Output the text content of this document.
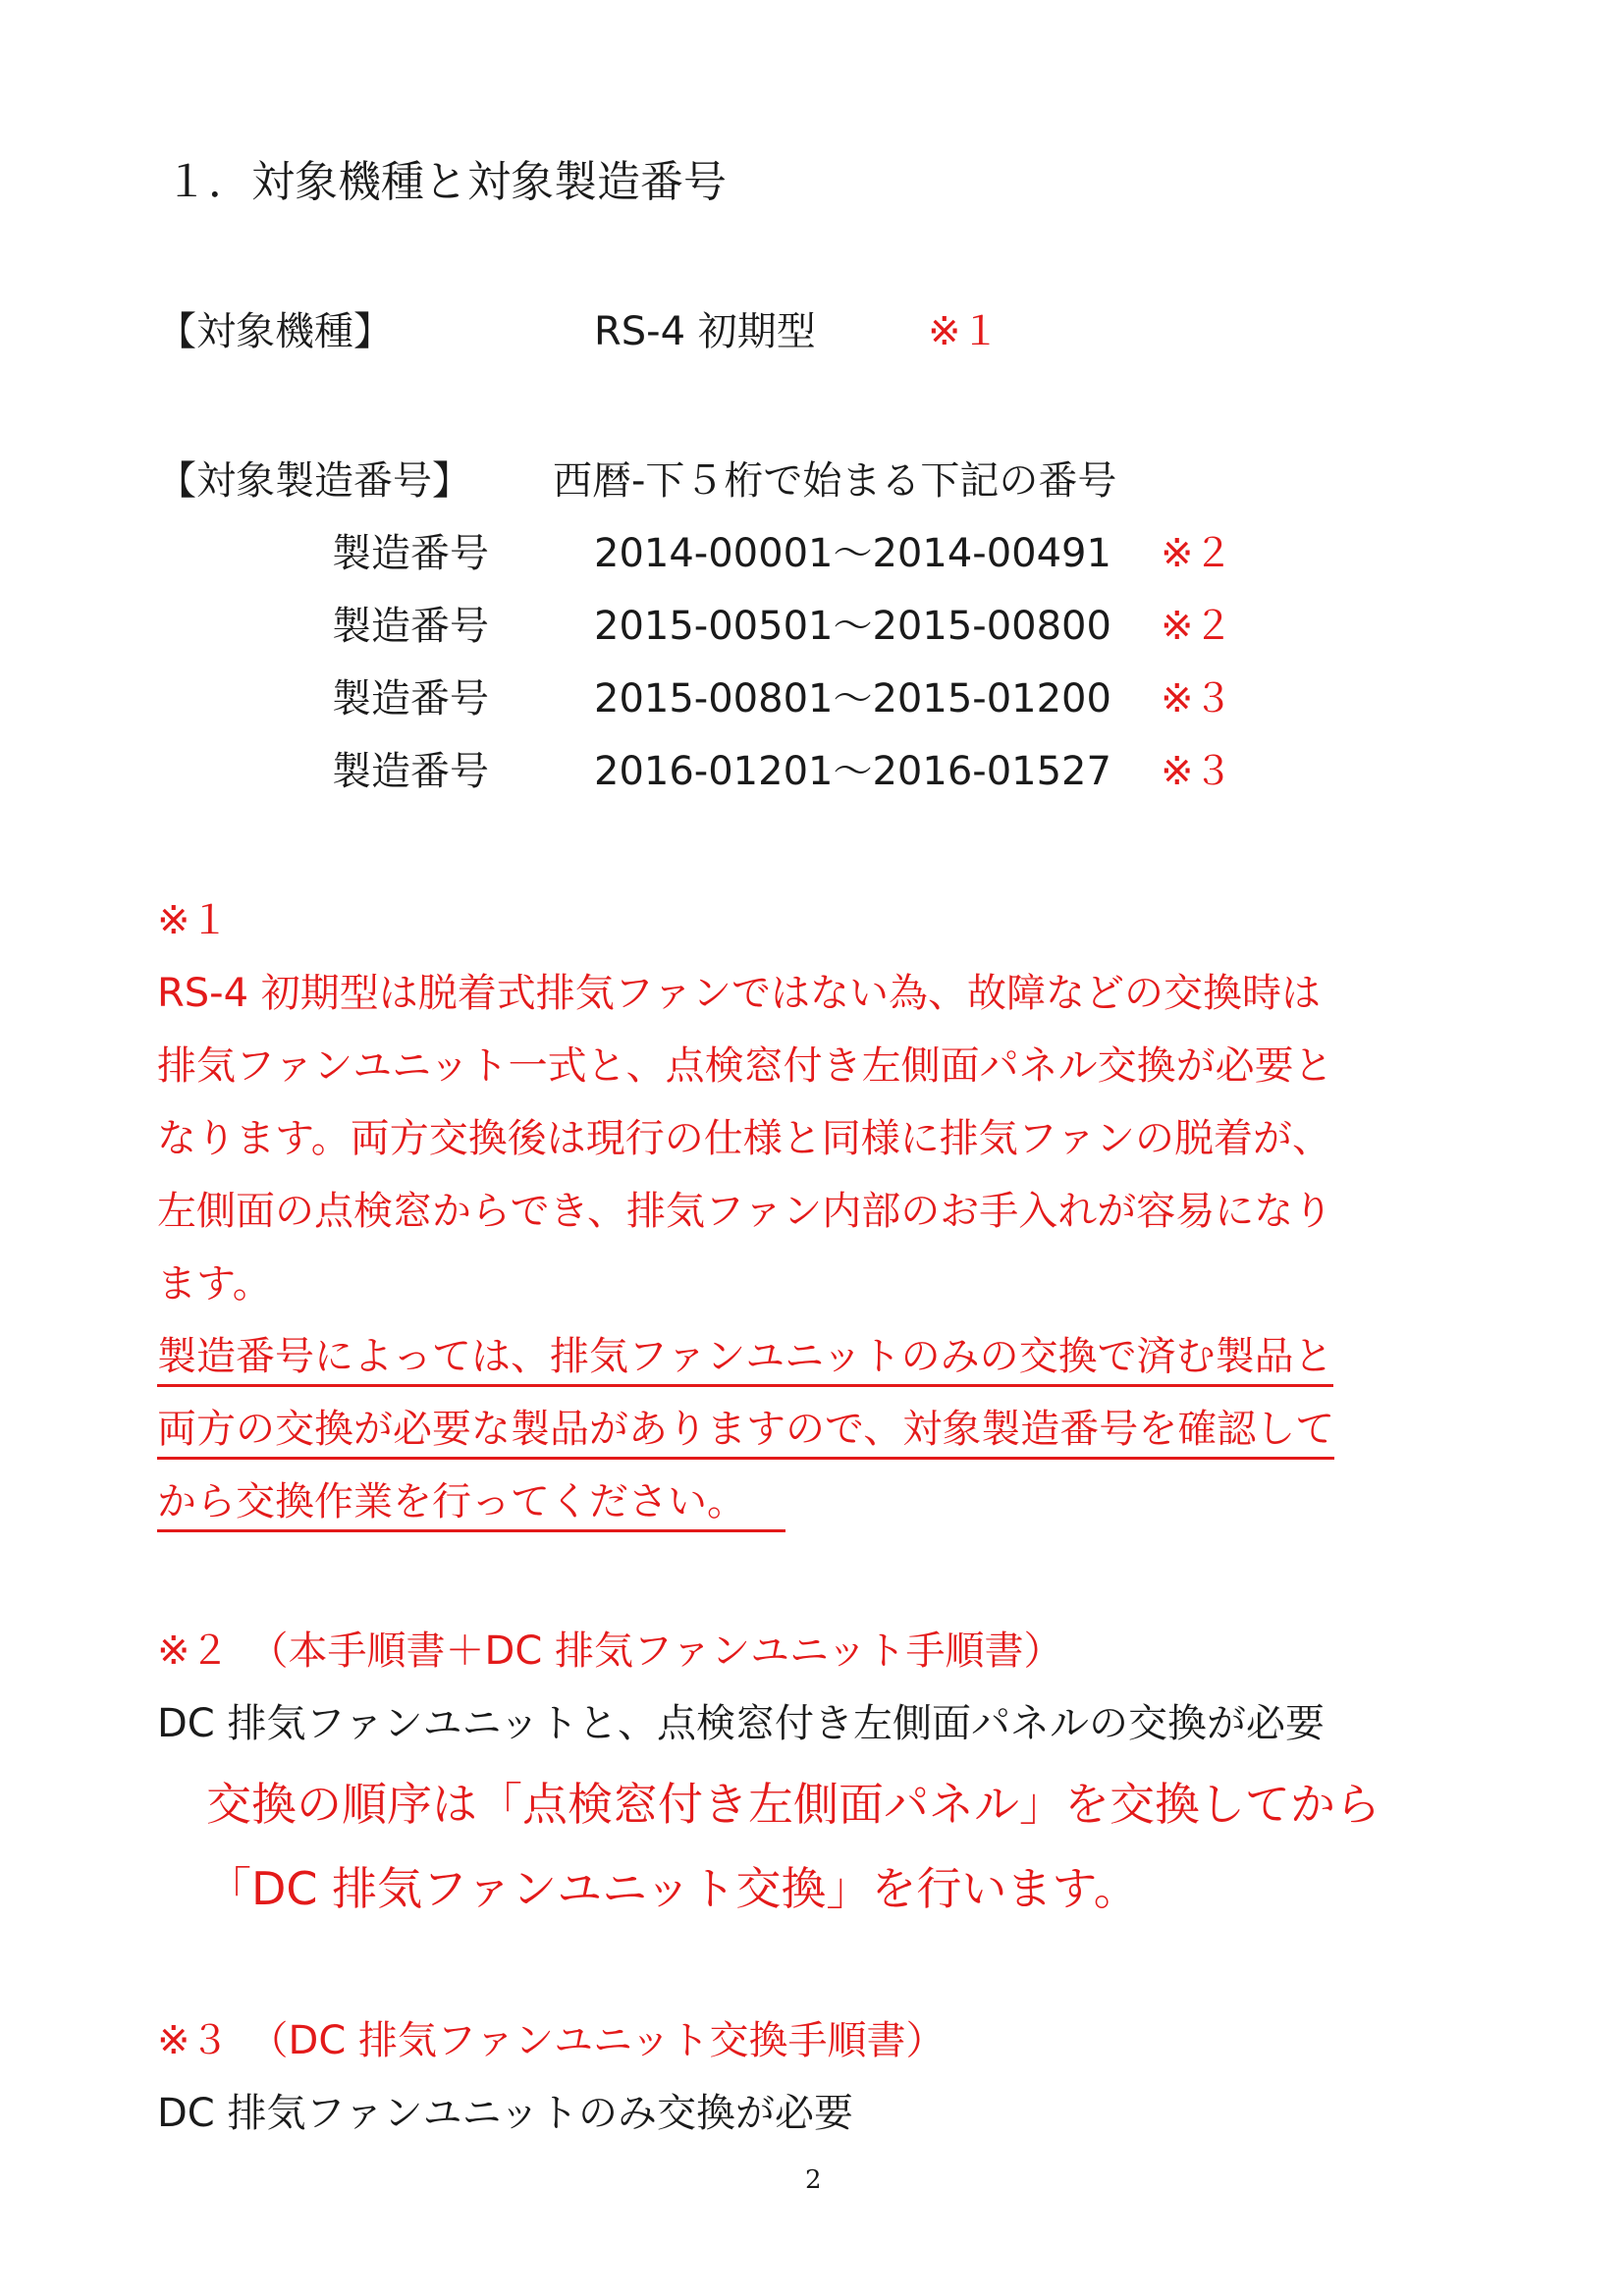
１．対象機種と対象製造番号
【対象機種】	RS-4 初期型	※１
【対象製造番号】 西暦-下５桁で始まる下記の番号
製造番号	2014-00001～2014-00491 ※２
製造番号	2015-00501～2015-00800 ※２
製造番号	2015-00801～2015-01200 ※３
製造番号	2016-01201～2016-01527 ※３
※１
RS-4 初期型は脱着式排気ファンではない為、故障などの交換時は
排気ファンユニット一式と、点検窓付き左側面パネル交換が必要と
なります。両方交換後は現行の仕様と同様に排気ファンの脱着が、
左側面の点検窓からでき、排気ファン内部のお手入れが容易になり
ます。
製造番号によっては、排気ファンユニットのみの交換で済む製品と
両方の交換が必要な製品がありますので、対象製造番号を確認して
から交換作業を行ってください。
※２　（本手順書＋DC 排気ファンユニット手順書）
DC 排気ファンユニットと、点検窓付き左側面パネルの交換が必要
交換の順序は「点検窓付き左側面パネル」を交換してから
「DC 排気ファンユニット交換」を行います。
※３　（DC 排気ファンユニット交換手順書）
DC 排気ファンユニットのみ交換が必要
2
